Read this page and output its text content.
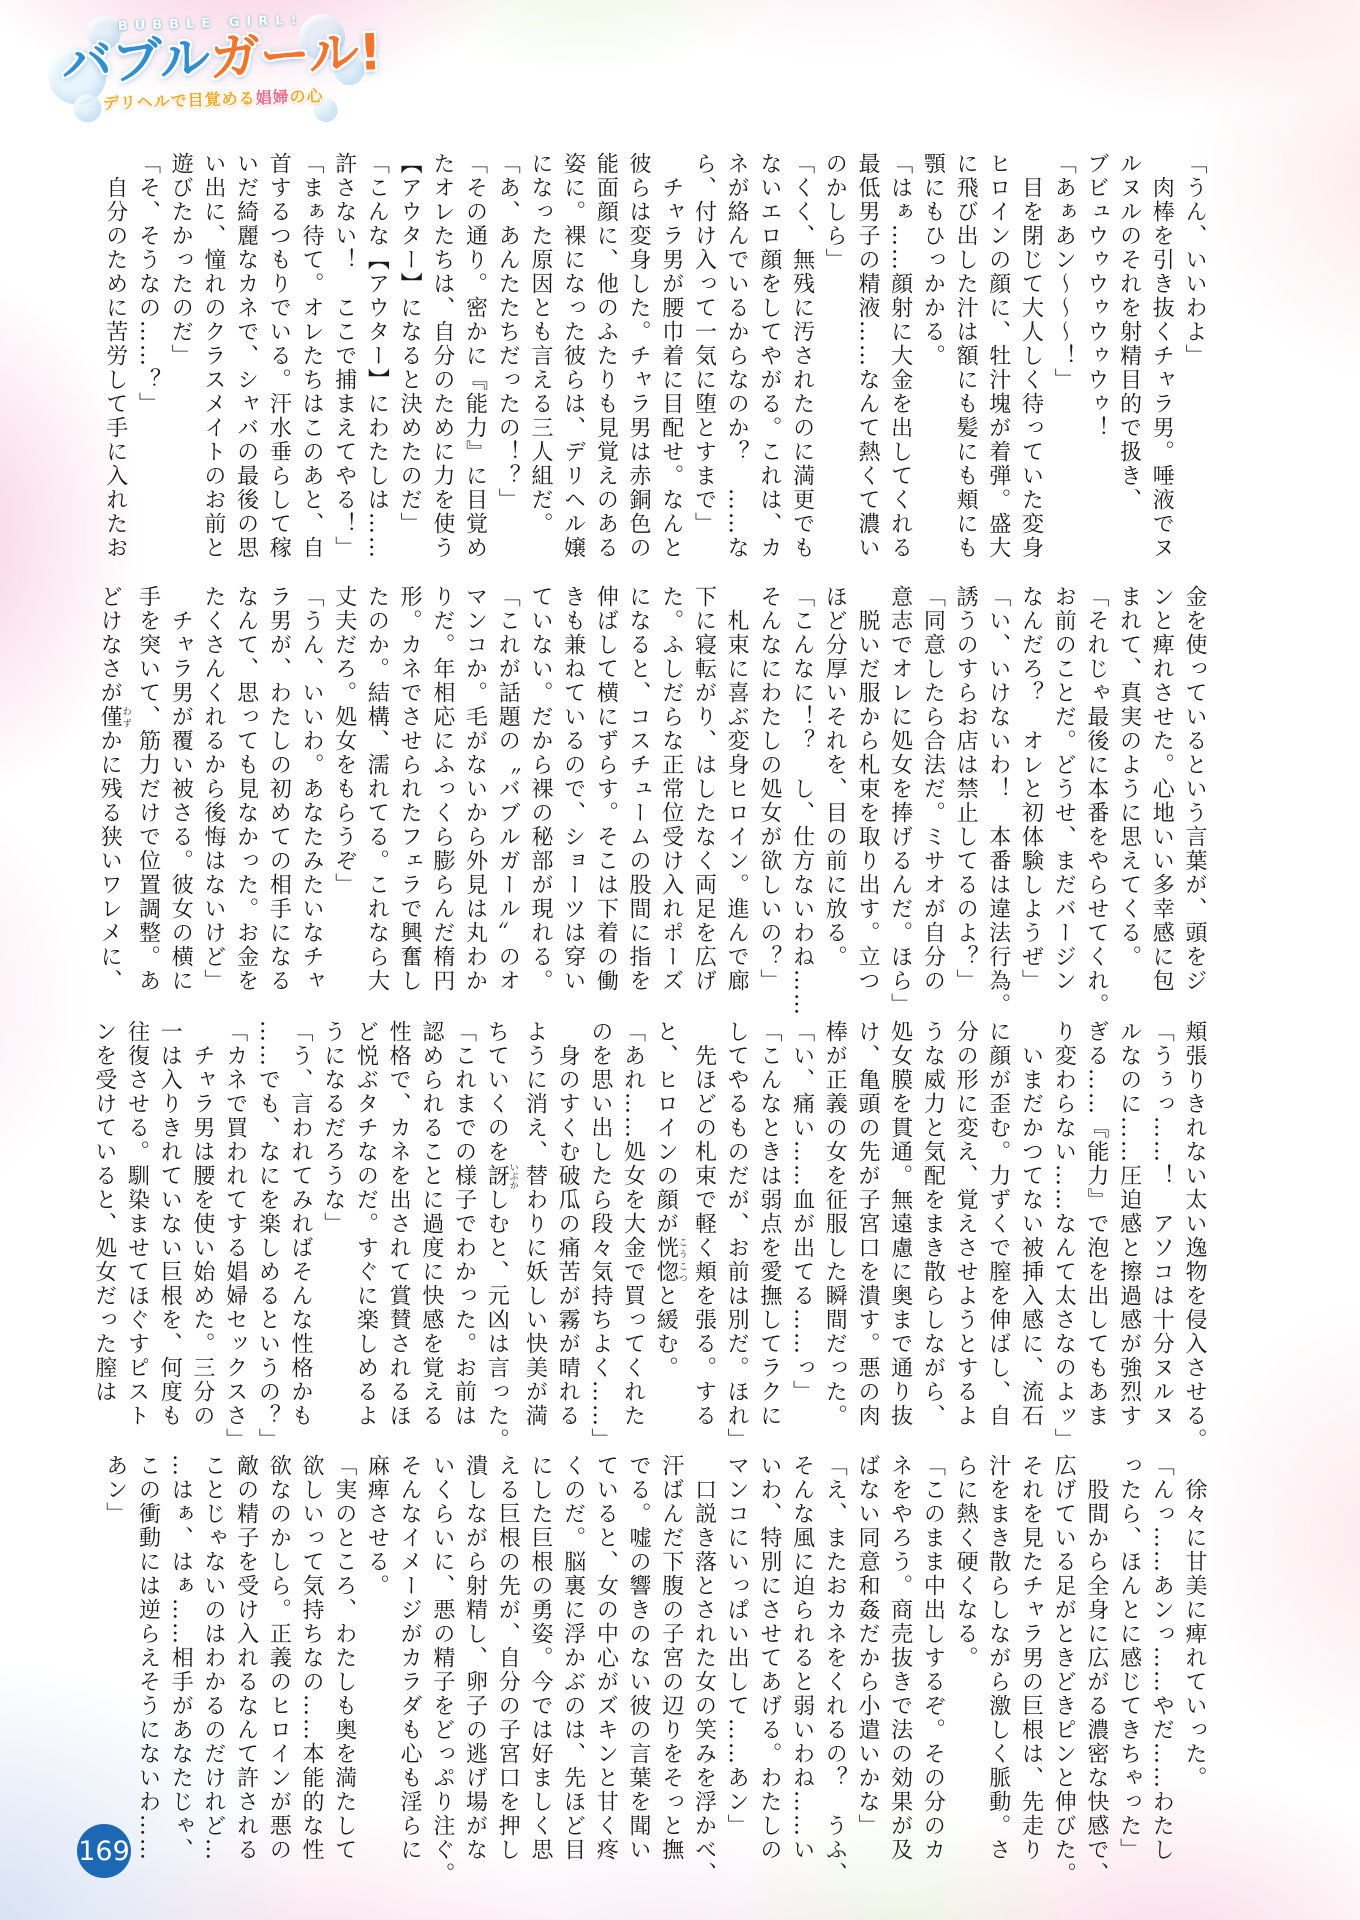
BUBBLE GIRL!
バブルガール!
デリヘルで目覚める娼婦の心

「うん、いいわよ」

肉棒を引き抜くチャラ男。唾液でヌ

ルヌルのそれを射精目的で扱き、

ブビュウゥウゥウゥウゥ！

「あぁあン～～～！」

目を閉じて大人しく待っていた変身

ヒロインの顔に、牡汁塊が着弾。盛大

に飛び出した汁は額にも髪にも頬にも

顎にもひっかかる。

「はぁ……顔射に大金を出してくれる

最低男子の精液……なんて熱くて濃い

のかしら」

「くく、無残に汚されたのに満更でも

ないエロ顔をしてやがる。これは、カ

ネが絡んでいるからなのか？　……な

ら、付け入って一気に堕とすまで」

チャラ男が腰巾着に目配せ。なんと

彼らは変身した。チャラ男は赤銅色の

能面顔に、他のふたりも見覚えのある

姿に。裸になった彼らは、デリヘル嬢

になった原因とも言える三人組だ。

「あ、あんたたちだったの！？」

「その通り。密かに『能力』に目覚め

たオレたちは、自分のために力を使う

【アウター】になると決めたのだ」

「こんな【アウター】にわたしは……

許さない！　ここで捕まえてやる！」

「まぁ待て。オレたちはこのあと、自

首するつもりでいる。汗水垂らして稼

いだ綺麗なカネで、シャバの最後の思

い出に、憧れのクラスメイトのお前と

遊びたかったのだ」

「そ、そうなの……？」

自分のために苦労して手に入れたお

金を使っているという言葉が、頭をジ

ンと痺れさせた。心地いい多幸感に包

まれて、真実のように思えてくる。

「それじゃ最後に本番をやらせてくれ。

お前のことだ。どうせ、まだバージン

なんだろ？　オレと初体験しようぜ」

「い、いけないわ！　本番は違法行為。

誘うのすらお店は禁止してるのよ？」

「同意したら合法だ。ミサオが自分の

意志でオレに処女を捧げるんだ。ほら」

脱いだ服から札束を取り出す。立つ

ほど分厚いそれを、目の前に放る。

「こんなに！？　し、仕方ないわね……

そんなにわたしの処女が欲しいの？」

札束に喜ぶ変身ヒロイン。進んで廊

下に寝転がり、はしたなく両足を広げ

た。ふしだらな正常位受け入れポーズ

になると、コスチュームの股間に指を

伸ばして横にずらす。そこは下着の働

きも兼ねているので、ショーツは穿い

ていない。だから裸の秘部が現れる。

「これが話題の〝バブルガール〞のオ

マンコか。毛がないから外見は丸わか

りだ。年相応にふっくら膨らんだ楕円

形。カネでさせられたフェラで興奮し

たのか。結構、濡れてる。これなら大

丈夫だろ。処女をもらうぞ」

「うん、いいわ。あなたみたいなチャ

ラ男が、わたしの初めての相手になる

なんて、思っても見なかった。お金を

たくさんくれるから後悔はないけど」

チャラ男が覆い被さる。彼女の横に

手を突いて、筋力だけで位置調整。あ

どけなさが僅わずかに残る狭いワレメに、

頬張りきれない太い逸物を侵入させる。

「うぅっ……！　アソコは十分ヌルヌ

ルなのに……圧迫感と擦過感が強烈す

ぎる……『能力』で泡を出してもあま

り変わらない……なんて太さなのよッ」

いまだかつてない被挿入感に、流石

に顔が歪む。力ずくで膣を伸ばし、自

分の形に変え、覚えさせようとするよ

うな威力と気配をまき散らしながら、

処女膜を貫通。無遠慮に奥まで通り抜

け、亀頭の先が子宮口を潰す。悪の肉

棒が正義の女を征服した瞬間だった。

「い、痛い……血が出てる……っ」

「こんなときは弱点を愛撫してラクに

してやるものだが、お前は別だ。ほれ」

先ほどの札束で軽く頬を張る。する

と、ヒロインの顔が恍惚こうこつと緩む。

「あれ……処女を大金で買ってくれた

のを思い出したら段々気持ちよく……」

身のすくむ破瓜の痛苦が霧が晴れる

ように消え、替わりに妖しい快美が満

ちていくのを訝いぶかしむと、元凶は言った。

「これまでの様子でわかった。お前は

認められることに過度に快感を覚える

性格で、カネを出されて賞賛されるほ

ど悦ぶタチなのだ。すぐに楽しめるよ

うになるだろうな」

「う、言われてみればそんな性格かも

……でも、なにを楽しめるというの？」

「カネで買われてする娼婦セックスさ」

チャラ男は腰を使い始めた。三分の

一は入りきれていない巨根を、何度も

往復させる。馴染ませてほぐすピスト

ンを受けていると、処女だった膣は

徐々に甘美に痺れていった。

「んっ……あンっ……やだ……わたし

ったら、ほんとに感じてきちゃった」

股間から全身に広がる濃密な快感で、

広げている足がときどきピンと伸びた。

それを見たチャラ男の巨根は、先走り

汁をまき散らしながら激しく脈動。さ

らに熱く硬くなる。

「このまま中出しするぞ。その分のカ

ネをやろう。商売抜きで法の効果が及

ばない同意和姦だから小遣いかな」

「え、またおカネをくれるの？　うふ、

そんな風に迫られると弱いわね……い

いわ、特別にさせてあげる。わたしの

マンコにいっぱい出して……あン」

口説き落とされた女の笑みを浮かべ、

汗ばんだ下腹の子宮の辺りをそっと撫

でる。嘘の響きのない彼の言葉を聞い

ていると、女の中心がズキンと甘く疼

くのだ。脳裏に浮かぶのは、先ほど目

にした巨根の勇姿。今では好ましく思

える巨根の先が、自分の子宮口を押し

潰しながら射精し、卵子の逃げ場がな

いくらいに、悪の精子をどっぷり注ぐ。

そんなイメージがカラダも心も淫らに

麻痺させる。

「実のところ、わたしも奥を満たして

欲しいって気持ちなの……本能的な性

欲なのかしら。正義のヒロインが悪の

敵の精子を受け入れるなんて許される

ことじゃないのはわかるのだけれど…

…はぁ、はぁ……相手があなたじゃ、

この衝動には逆らえそうにないわ……

あン」

169
